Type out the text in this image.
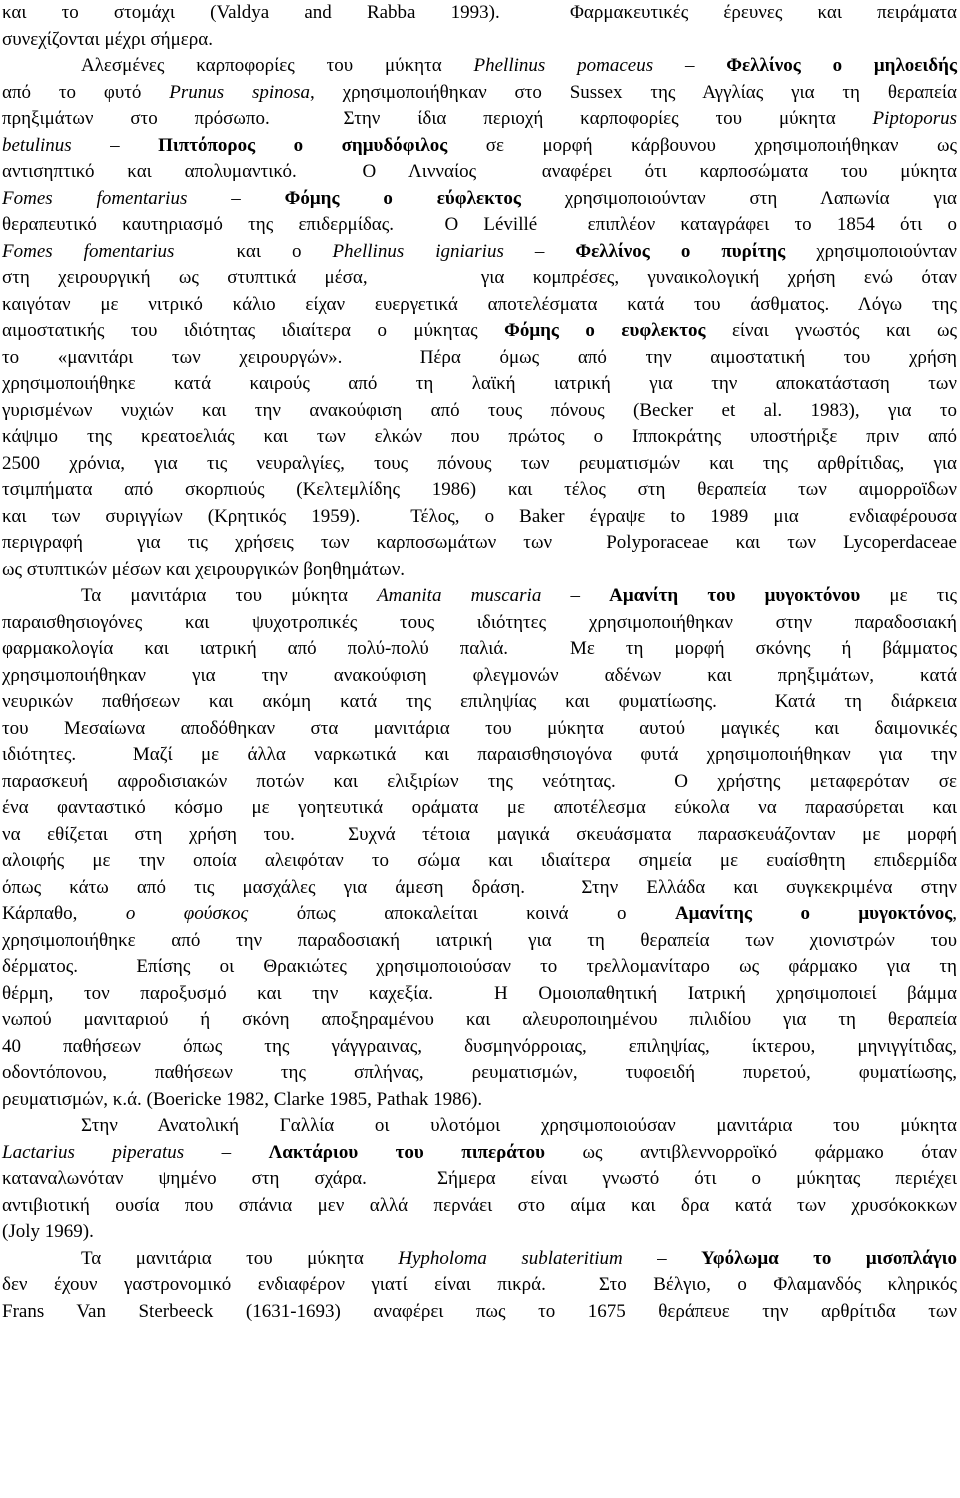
και το στομάχι (Valdya and Rabba 1993).  Φαρμακευτικές έρευνες και πειράματα
συνεχίζονται μέχρι σήμερα.
Αλεσμένες καρποφορίες του μύκητα Phellinus pomaceus – Φελλίνος ο μηλοειδής
από το φυτό Prunus spinosa, χρησιμοποιήθηκαν στο Sussex της Αγγλίας για τη θεραπεία
πρηξιμάτων στο πρόσωπο.  Στην ίδια περιοχή καρποφορίες του μύκητα Piptoporus
betulinus – Πιπτόπορος ο σημυδόφιλος σε μορφή κάρβουνου χρησιμοποιήθηκαν ως
αντισηπτικό και απολυμαντικό.  Ο Λινναίος  αναφέρει ότι καρποσώματα του μύκητα
Fomes fomentarius – Φόμης ο εύφλεκτος χρησιμοποιούνταν στη Λαπωνία για
θεραπευτικό καυτηριασμό της επιδερμίδας.  Ο Lévillé  επιπλέον καταγράφει το 1854 ότι ο
Fomes fomentarius  και ο Phellinus igniarius – Φελλίνος ο πυρίτης χρησιμοποιούνταν
στη χειρουργική ως στυπτικά μέσα,    για κομπρέσες, γυναικολογική χρήση ενώ όταν
καιγόταν με νιτρικό κάλιο είχαν ευεργετικά αποτελέσματα κατά του άσθματος. Λόγω της
αιμοστατικής του ιδιότητας ιδιαίτερα ο μύκητας Φόμης ο ευφλεκτος είναι γνωστός και ως
το «μανιτάρι των χειρουργών».  Πέρα όμως από την αιμοστατική του χρήση
χρησιμοποιήθηκε κατά καιρούς από τη λαϊκή ιατρική για την αποκατάσταση των
γυρισμένων νυχιών και την ανακούφιση από τους πόνους (Becker et al. 1983), για το
κάψιμο της κρεατοελιάς και των ελκών που πρώτος ο Ιπποκράτης υποστήριξε πριν από
2500 χρόνια, για τις νευραλγίες, τους πόνους των ρευματισμών και της αρθρίτιδας, για
τσιμπήματα από σκορπιούς (Κελτεμλίδης 1986) και τέλος στη θεραπεία των αιμορροϊδων
και των συριγγίων (Κρητικός 1959).  Τέλος, ο Baker έγραψε to 1989 μια  ενδιαφέρουσα
περιγραφή  για τις χρήσεις των καρποσωμάτων των  Polyporaceae και των Lycoperdaceae
ως στυπτικών μέσων και χειρουργικών βοηθημάτων.
Τα μανιτάρια του μύκητα Amanita muscaria – Αμανίτη του μυγοκτόνου με τις
παραισθησιογόνες και ψυχοτροπικές τους ιδιότητες χρησιμοποιήθηκαν στην παραδοσιακή
φαρμακολογία και ιατρική από πολύ-πολύ παλιά.  Με τη μορφή σκόνης ή βάμματος
χρησιμοποιήθηκαν για την ανακούφιση φλεγμονών αδένων και πρηξιμάτων, κατά
νευρικών παθήσεων και ακόμη κατά της επιληψίας και φυματίωσης.  Κατά τη διάρκεια
του Μεσαίωνα αποδόθηκαν στα μανιτάρια του μύκητα αυτού μαγικές και δαιμονικές
ιδιότητες.  Μαζί με άλλα ναρκωτικά και παραισθησιογόνα φυτά χρησιμοποιήθηκαν για την
παρασκευή αφροδισιακών ποτών και ελιξιρίων της νεότητας.  Ο χρήστης μεταφερόταν σε
ένα φανταστικό κόσμο με γοητευτικά οράματα με αποτέλεσμα εύκολα να παρασύρεται και
να εθίζεται στη χρήση του.  Συχνά τέτοια μαγικά σκευάσματα παρασκευάζονταν με μορφή
αλοιφής με την οποία αλειφόταν το σώμα και ιδιαίτερα σημεία με ευαίσθητη επιδερμίδα
όπως κάτω από τις μασχάλες για άμεση δράση.  Στην Ελλάδα και συγκεκριμένα στην
Κάρπαθο, ο φούσκος όπως αποκαλείται κοινά ο Αμανίτης ο μυγοκτόνος,
χρησιμοποιήθηκε από την παραδοσιακή ιατρική για τη θεραπεία των χιονιστρών του
δέρματος.  Επίσης οι Θρακιώτες χρησιμοποιούσαν το τρελλομανίταρο ως φάρμακο για τη
θέρμη, τον παροξυσμό και την καχεξία.  Η Ομοιοπαθητική Ιατρική χρησιμοποιεί βάμμα
νωπού μανιταριού ή σκόνη αποξηραμένου και αλευροποιημένου πιλιδίου για τη θεραπεία
40 παθήσεων όπως της γάγγραινας, δυσμηνόρροιας, επιληψίας, ίκτερου, μηνιγγίτιδας,
οδοντόπονου, παθήσεων της σπλήνας, ρευματισμών, τυφοειδή πυρετού, φυματίωσης,
ρευματισμών, κ.ά. (Boericke 1982, Clarke 1985, Pathak 1986).
Στην Ανατολική Γαλλία οι υλοτόμοι χρησιμοποιούσαν μανιτάρια του μύκητα
Lactarius piperatus – Λακτάριου του πιπεράτου ως αντιβλεννορροϊκό φάρμακο όταν
καταναλωνόταν ψημένο στη σχάρα.  Σήμερα είναι γνωστό ότι ο μύκητας περιέχει
αντιβιοτική ουσία που σπάνια μεν αλλά περνάει στο αίμα και δρα κατά των χρυσόκοκκων
(Joly 1969).
Τα μανιτάρια του μύκητα Hypholoma sublateritium – Υφόλωμα το μισοπλάγιο
δεν έχουν γαστρονομικό ενδιαφέρον γιατί είναι πικρά.  Στο Βέλγιο, ο Φλαμανδός κληρικός
Frans Van Sterbeeck (1631-1693) αναφέρει πως το 1675 θεράπευε την αρθρίτιδα των
